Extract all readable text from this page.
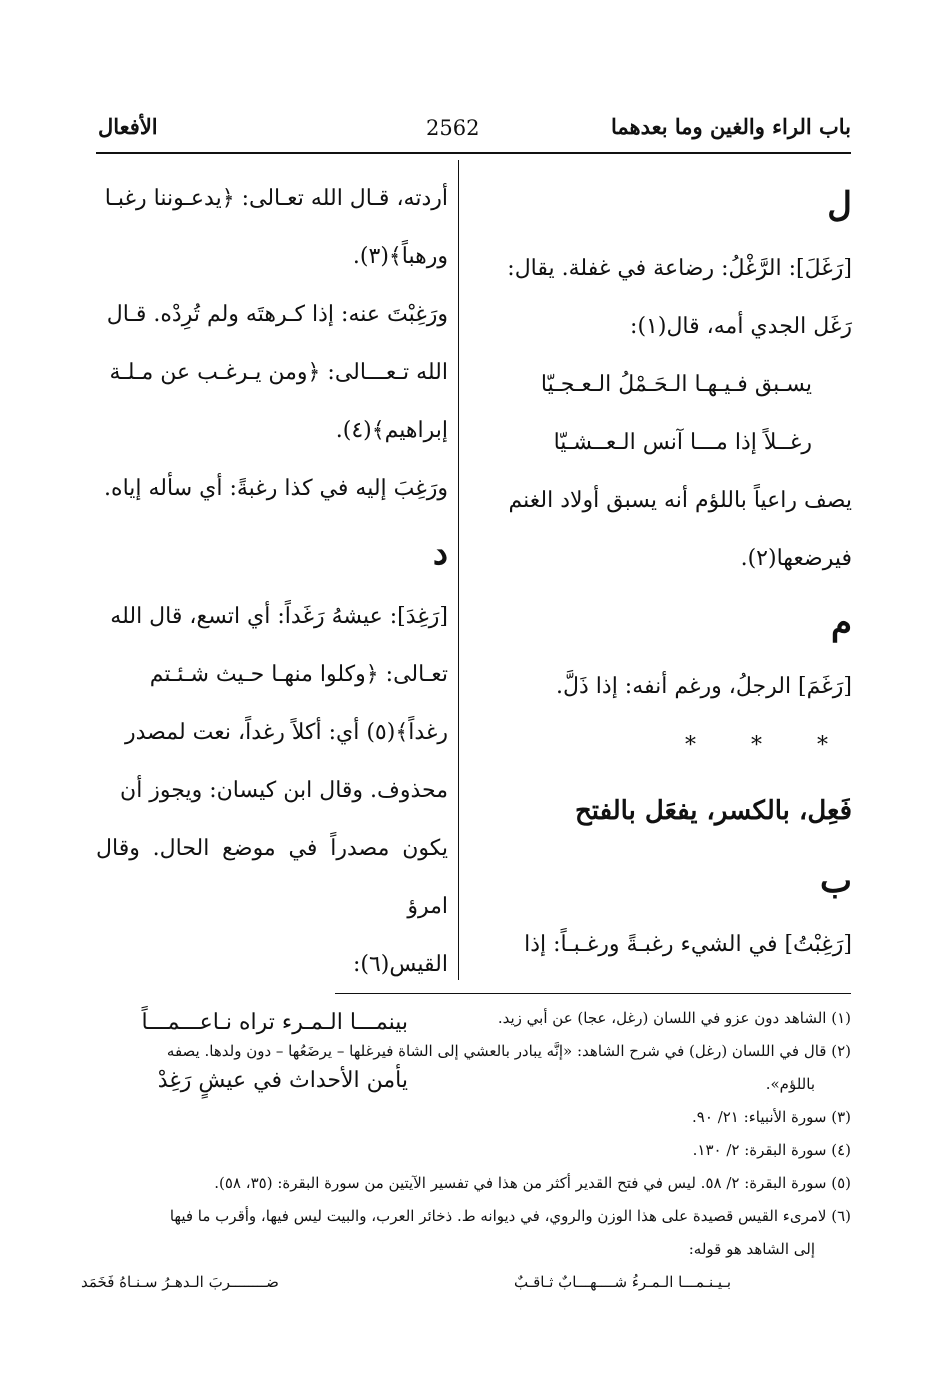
باب الراء والغين وما بعدهما
2562
الأفعال

ل

[رَغَلَ]: الرَّغْلُ: رضاعة في غفلة. يقال:

رَغَل الجدي أمه، قال(١):

يسـبق فـيـهـا الـحَـمْلُ الـعـجـيّا

رغــلاً إذا مـــا آنس الـعــشـيّا

يصف راعياً باللؤم أنه يسبق أولاد الغنم

فيرضعها(٢).

م

[رَغَمَ] الرجلُ، ورغم أنفه: إذا ذَلَّ.

* * *

فَعِل، بالكسر، يفعَل بالفتح

ب

[رَغِبْتُ] في الشيء رغبـةً ورغـبـاً: إذا

أردته، قـال الله تعـالى: ﴿يدعـوننا رغبـا

ورهباً﴾(٣).

ورَغِبْتَ عنه: إذا كـرهتَه ولم تُرِدْه. قـال

الله تـعـــالى: ﴿ومن يـرغـب عن مـلـة

إبراهيم﴾(٤).

ورَغِبَ إليه في كذا رغبةً: أي سأله إياه.

د

[رَغِدَ]: عيشهُ رَغَداً: أي اتسع، قال الله

تعـالى: ﴿وكلوا منهـا حـيث شـئـتم

رغداً﴾(٥) أي: أكلاً رغداً، نعت لمصدر

محذوف. وقال ابن كيسان: ويجوز أن

يكون مصدراً في موضع الحال. وقال امرؤ

القيس(٦):

بينمـــا الـمـرء تراه نـاعـــمـــاً

يأمن الأحداث في عيشٍ رَغِدْ

(١) الشاهد دون عزو في اللسان (رغل، عجا) عن أبي زيد.

(٢) قال في اللسان (رغل) في شرح الشاهد: «إنَّه يبادر بالعشي إلى الشاة فيرغلها – يرضَعُها – دون ولدها. يصفه

باللؤم».

(٣) سورة الأنبياء: ٢١/ ٩٠.

(٤) سورة البقرة: ٢/ ١٣٠.

(٥) سورة البقرة: ٢/ ٥٨. ليس في فتح القدير أكثر من هذا في تفسير الآيتين من سورة البقرة: (٣٥، ٥٨).

(٦) لامرىء القيس قصيدة على هذا الوزن والروي، في ديوانه ط. ذخائر العرب، والبيت ليس فيها، وأقرب ما فيها

إلى الشاهد هو قوله:

بـيـنـمـــا الـمـرءُ شــــهـــابٌ ثـاقـبٌ
ضــــــــربَ الـدهـرُ سـنـاهُ فَخَمَد
